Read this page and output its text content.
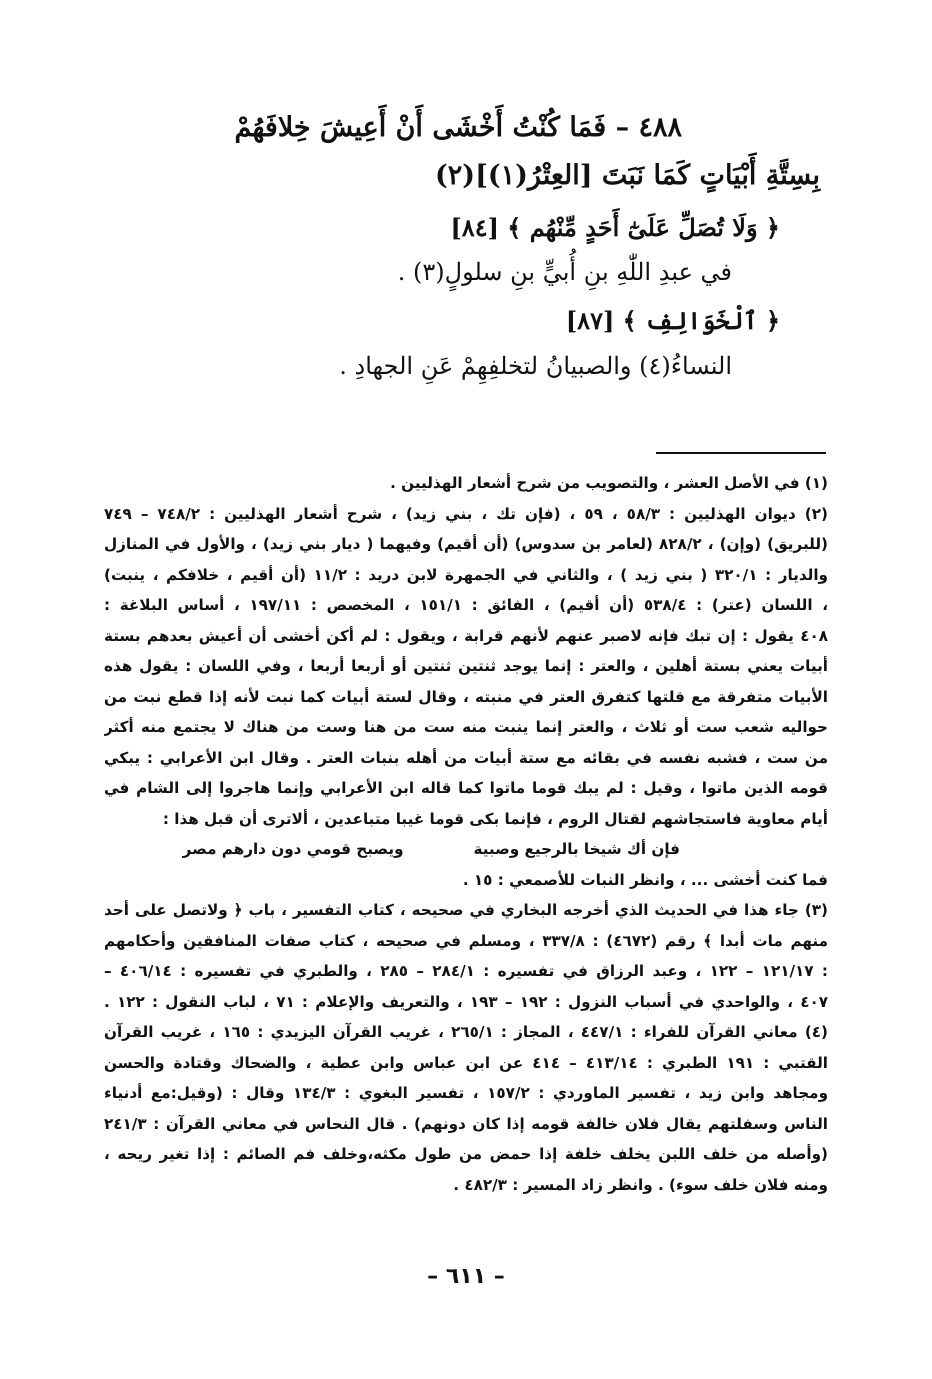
٤٨٨ – فَمَا كُنْتُ أَخْشَى أَنْ أَعِيشَ خِلافَهُمْ
بِسِتَّةِ أَبْيَاتٍ كَمَا نَبَتَ [العِتْرُ(١)](٢)
﴿ وَلَا تُصَلِّ عَلَىٰٓ أَحَدٍ مِّنْهُم ﴾ [٨٤]
في عبدِ اللّٰهِ بنِ أُبيٍّ بنِ سلولٍ(٣) .
﴿ ٱلْخَوَالِفِ ﴾ [٨٧]
النساءُ(٤) والصبيانُ لتخلفِهِمْ عَنِ الجهادِ .
(١) في الأصل العشر ، والتصويب من شرح أشعار الهذليين .
(٢) ديوان الهذليين : ٥٨/٣ ، ٥٩ ، (فإن تك ، بني زيد) ، شرح أشعار الهذليين : ٧٤٨/٢ – ٧٤٩
(للبريق) (وإن) ، ٨٢٨/٢ (لعامر بن سدوس) (أن أقيم) وفيهما ( ديار بني زيد) ، والأول في المنازل
والديار : ٣٢٠/١ ( بني زيد ) ، والثاني في الجمهرة لابن دريد : ١١/٢ (أن أقيم ، خلافكم ، ينبت)
، اللسان (عتر) : ٥٣٨/٤ (أن أقيم) ، الفائق : ١٥١/١ ، المخصص : ١٩٧/١١ ، أساس البلاغة :
٤٠٨ يقول : إن تبك فإنه لاصبر عنهم لأنهم قرابة ، ويقول : لم أكن أخشى أن أعيش بعدهم بستة
أبيات يعني بستة أهلين ، والعتر : إنما يوجد ثنتين ثنتين أو أربعا أربعا ، وفي اللسان : يقول هذه
الأبيات متفرقة مع قلتها كتفرق العتر في منبته ، وقال لستة أبيات كما نبت لأنه إذا قطع نبت من
حواليه شعب ست أو ثلاث ، والعتر إنما ينبت منه ست من هنا وست من هناك لا يجتمع منه أكثر
من ست ، فشبه نفسه في بقائه مع ستة أبيات من أهله بنبات العتر . وقال ابن الأعرابي : يبكي
قومه الذين ماتوا ، وقيل : لم يبك قوما ماتوا كما قاله ابن الأعرابي وإنما هاجروا إلى الشام في
أيام معاوية فاستجاشهم لقتال الروم ، فإنما بكى قوما غيبا متباعدين ، ألاترى أن قبل هذا :
فإن أك شيخا بالرجيع وصبية
ويصبح قومي دون دارهم مصر
فما كنت أخشى ... ، وانظر النبات للأصمعي : ١٥ .
(٣) جاء هذا في الحديث الذي أخرجه البخاري في صحيحه ، كتاب التفسير ، باب ﴿ ولاتصل على أحد
منهم مات أبدا ﴾ رقم (٤٦٧٢) : ٣٣٧/٨ ، ومسلم في صحيحه ، كتاب صفات المنافقين وأحكامهم
: ١٢١/١٧ – ١٢٢ ، وعبد الرزاق في تفسيره : ٢٨٤/١ – ٢٨٥ ، والطبري في تفسيره : ٤٠٦/١٤ –
٤٠٧ ، والواحدي في أسباب النزول : ١٩٢ – ١٩٣ ، والتعريف والإعلام : ٧١ ، لباب النقول : ١٢٢ .
(٤) معاني القرآن للفراء : ٤٤٧/١ ، المجاز : ٢٦٥/١ ، غريب القرآن اليزيدي : ١٦٥ ، غريب القرآن
القتبي : ١٩١ الطبري : ٤١٣/١٤ – ٤١٤ عن ابن عباس وابن عطية ، والضحاك وقتادة والحسن
ومجاهد وابن زيد ، تفسير الماوردي : ١٥٧/٢ ، تفسير البغوي : ١٣٤/٣ وقال : (وقيل:مع أدنياء
الناس وسفلتهم يقال فلان خالفة قومه إذا كان دونهم) . قال النحاس في معاني القرآن : ٢٤١/٣
(وأصله من خلف اللبن يخلف خلفة إذا حمض من طول مكثه،وخلف فم الصائم : إذا تغير ريحه ،
ومنه فلان خلف سوء) . وانظر زاد المسير : ٤٨٢/٣ .
– ٦١١ –
